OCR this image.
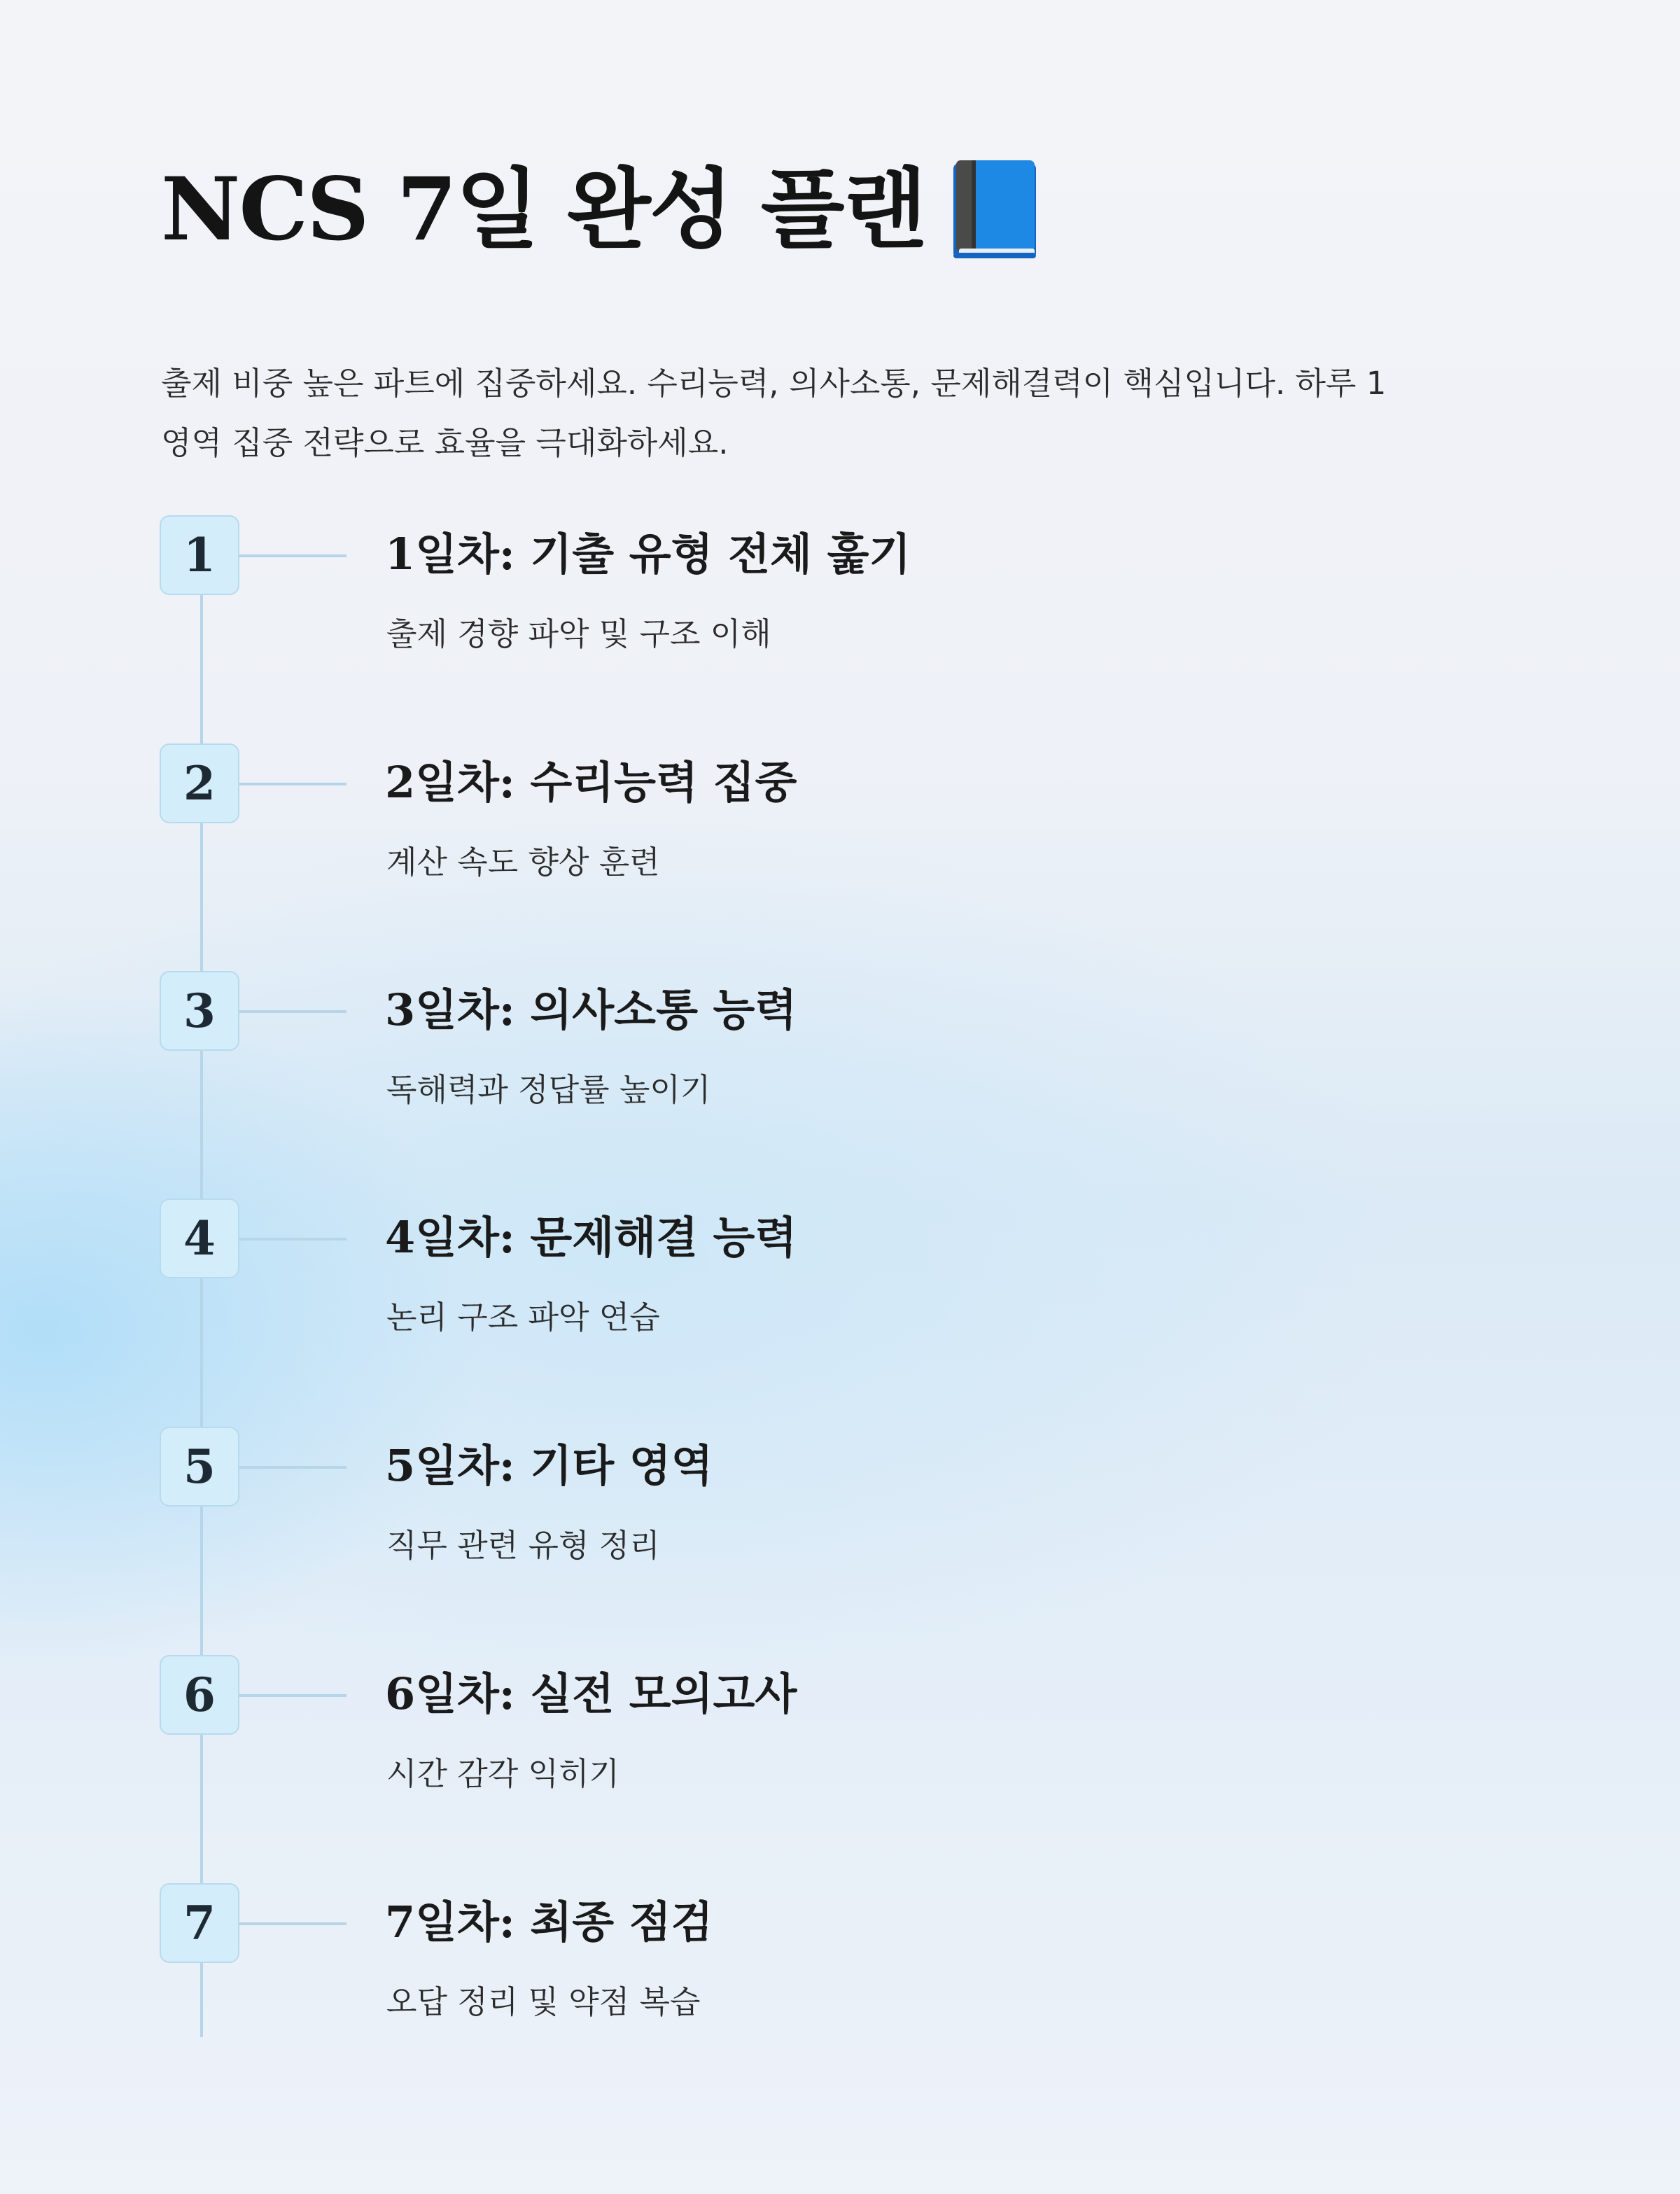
NCS 7일 완성 플랜
출제 비중 높은 파트에 집중하세요. 수리능력, 의사소통, 문제해결력이 핵심입니다. 하루 1
영역 집중 전략으로 효율을 극대화하세요.
1	1일차: 기출 유형 전체 훑기

출제 경향 파악 및 구조 이해

2	2일차: 수리능력 집중

계산 속도 향상 훈련

3	3일차: 의사소통 능력

독해력과 정답률 높이기

4	4일차: 문제해결 능력

논리 구조 파악 연습

5	5일차: 기타 영역

직무 관련 유형 정리

6	6일차: 실전 모의고사

시간 감각 익히기

7	7일차: 최종 점검

오답 정리 및 약점 복습
